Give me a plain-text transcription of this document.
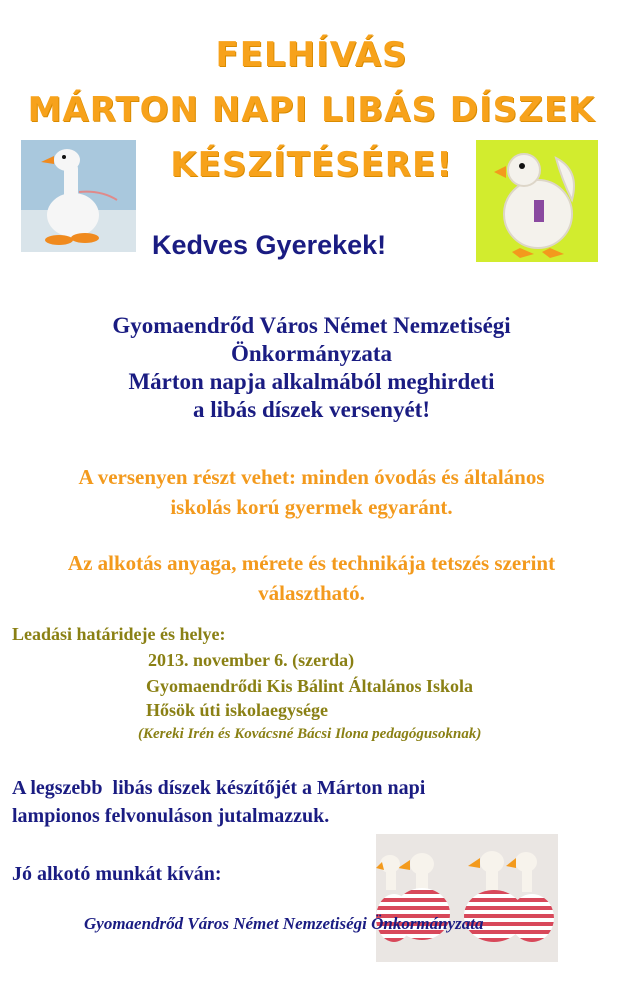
FELHÍVÁS
MÁRTON NAPI LIBÁS DÍSZEK
KÉSZÍTÉSÉRE!
Kedves Gyerekek!
Gyomaendrőd Város Német Nemzetiségi
Önkormányzata
Márton napja alkalmából meghirdeti
a libás díszek versenyét!
A versenyen részt vehet: minden óvodás és általános
iskolás korú gyermek egyaránt.
Az alkotás anyaga, mérete és technikája tetszés szerint
választható.
Leadási határideje és helye:
2013. november 6. (szerda)
Gyomaendrődi Kis Bálint Általános Iskola
Hősök úti iskolaegysége
(Kereki Irén és Kovácsné Bácsi Ilona pedagógusoknak)
A legszebb  libás díszek készítőjét a Márton napi
lampionos felvonuláson jutalmazzuk.
Jó alkotó munkát kíván:
Gyomaendrőd Város Német Nemzetiségi Önkormányzata
